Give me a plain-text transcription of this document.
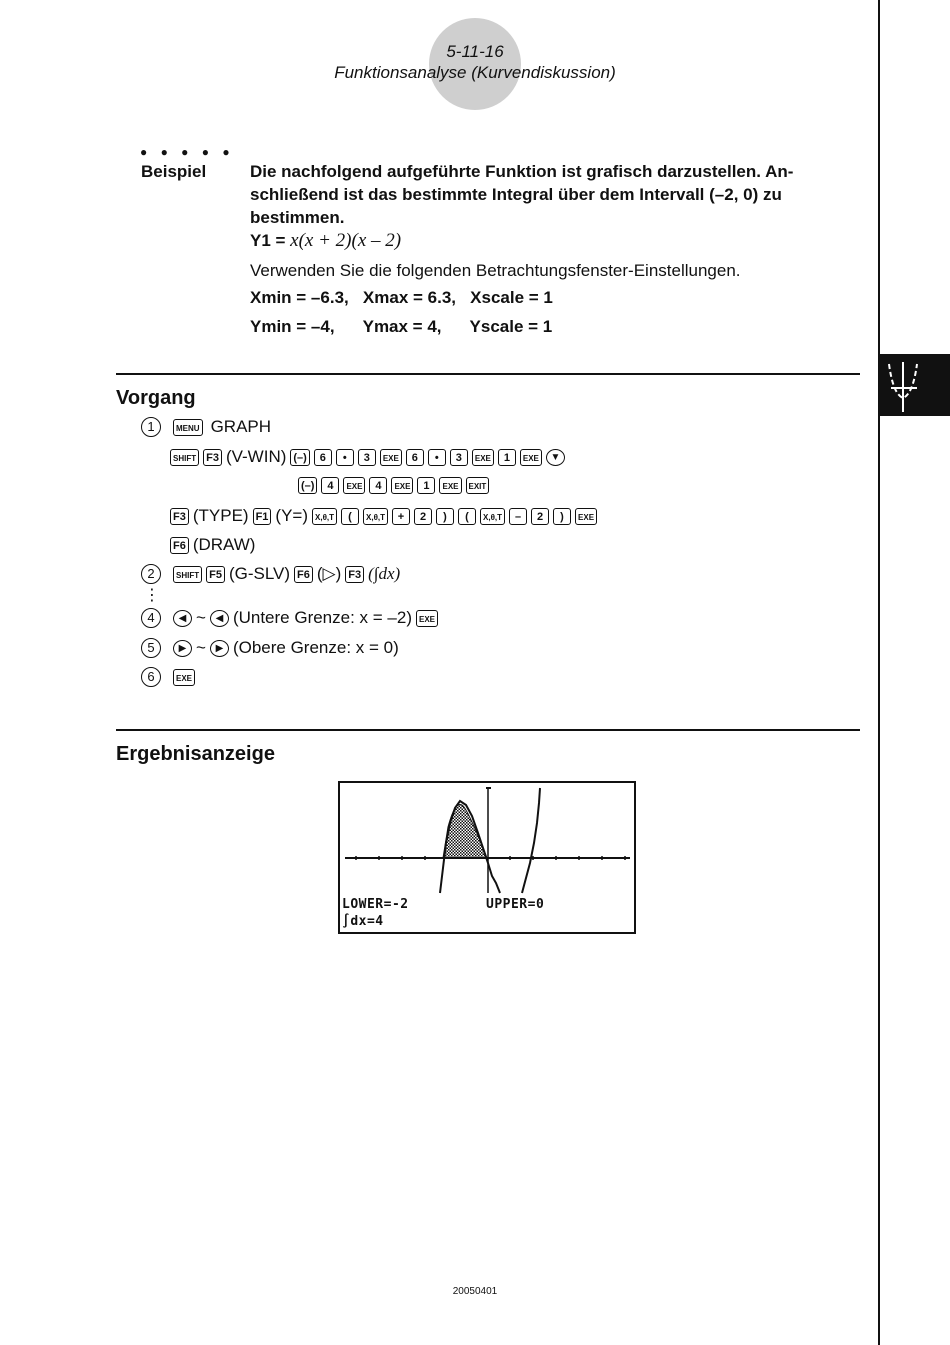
5-11-16
Funktionsanalyse (Kurvendiskussion)
● ● ● ● ●
Beispiel	Die nachfolgend aufgeführte Funktion ist grafisch darzustellen. An-
schließend ist das bestimmte Integral über dem Intervall (–2, 0) zu
bestimmen.
Y1 = x(x + 2)(x – 2)
Verwenden Sie die folgenden Betrachtungsfenster-Einstellungen.
Xmin = –6.3,   Xmax = 6.3,   Xscale = 1
Ymin = –4,      Ymax = 4,      Yscale = 1
Vorgang
1	MENU GRAPH
SHIFT F3 (V-WIN) (–)	6	•	3	EXE	6	•	3	EXE	1	EXE	▼
(–)	4	EXE	4	EXE	1	EXE	EXIT
F3 (TYPE) F1 (Y=) X,θ,T	(	X,θ,T	+	2	)	(	X,θ,T	–	2	)	EXE
F6 (DRAW)
2	SHIFT F5 (G-SLV) F6 (▷) F3 (∫dx)
⋮
4	◀ ~ ◀ (Untere Grenze: x = –2) EXE
5	▶ ~ ▶ (Obere Grenze: x = 0)
6	EXE
Ergebnisanzeige
LOWER=-2	UPPER=0
∫dx=4
20050401
